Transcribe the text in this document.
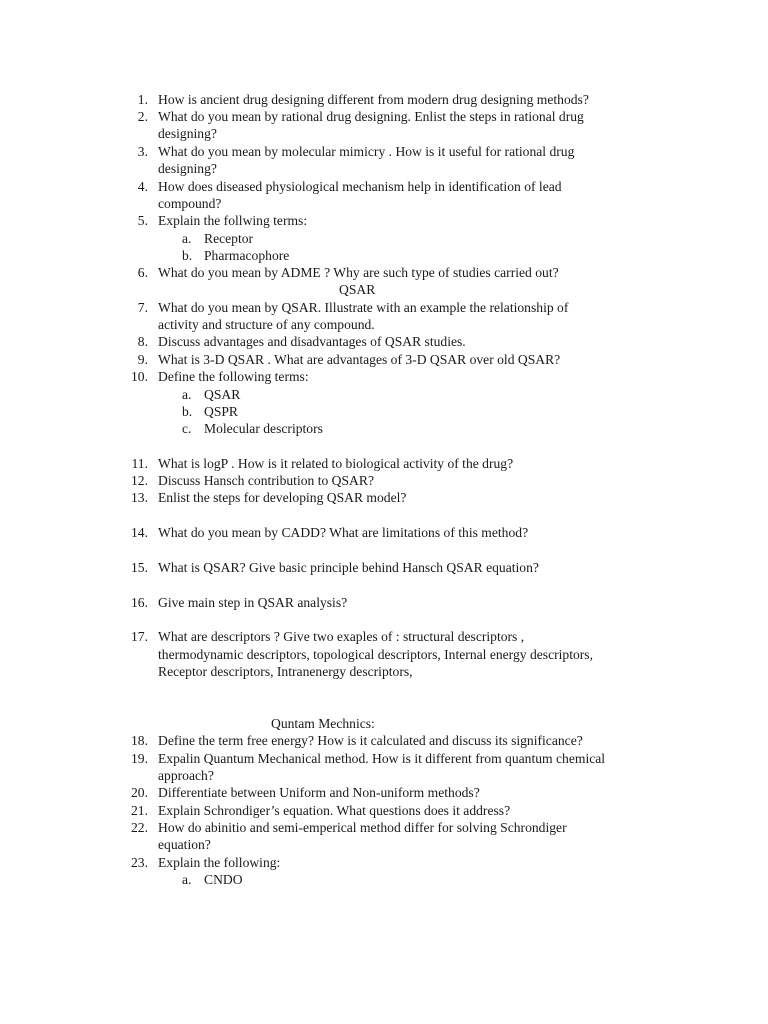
1. How is ancient drug designing different from modern drug designing methods?
2. What do you mean by rational drug designing. Enlist the steps in rational drug
designing?
3. What do you mean by molecular mimicry . How is it useful for rational drug
designing?
4. How does diseased physiological mechanism help in identification of lead
compound?
5. Explain the follwing terms:
a. Receptor
b. Pharmacophore
6. What do you mean by ADME ? Why are such type of studies carried out?
QSAR
7. What do you mean by QSAR. Illustrate with an example the relationship of
activity and structure of any compound.
8. Discuss advantages and disadvantages of QSAR studies.
9. What is 3-D QSAR . What are advantages of 3-D QSAR over old QSAR?
10. Define the following terms:
a. QSAR
b. QSPR
c. Molecular descriptors
11. What is logP . How is it related to biological activity of the drug?
12. Discuss Hansch contribution to QSAR?
13. Enlist the steps for developing QSAR model?
14. What do you mean by CADD? What are limitations of this method?
15. What is QSAR? Give basic principle behind Hansch QSAR equation?
16. Give main step in QSAR analysis?
17. What are descriptors ? Give two exaples of : structural descriptors ,
thermodynamic descriptors, topological descriptors, Internal energy descriptors,
Receptor descriptors, Intranenergy descriptors,
Quntam Mechnics:
18. Define the term free energy? How is it calculated and discuss its significance?
19. Expalin Quantum Mechanical method. How is it different from quantum chemical
approach?
20. Differentiate between Uniform and Non-uniform methods?
21. Explain Schrondiger’s equation. What questions does it address?
22. How do abinitio and semi-emperical method differ for solving Schrondiger
equation?
23. Explain the following:
a. CNDO
